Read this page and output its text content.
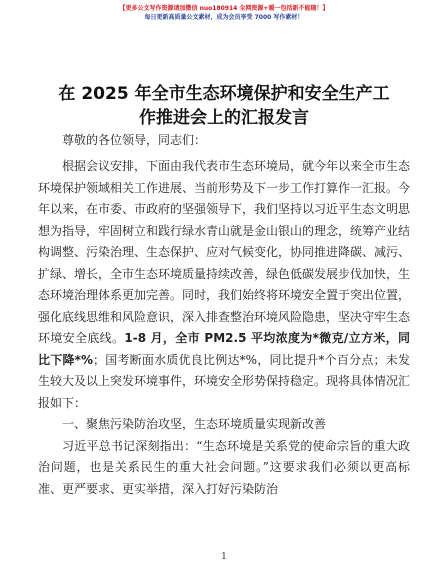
【更多公文写作资源请加微信 nuo180914 全网资源+暖一包括新不能随！】
每日更新高质量公文素材，成为会员享受 7000 写作素材！
在 2025 年全市生态环境保护和安全生产工作推进会上的汇报发言
尊敬的各位领导，同志们：

根据会议安排，下面由我代表市生态环境局，就今年以来全市生态环境保护领域相关工作进展、当前形势及下一步工作打算作一汇报。今年以来，在市委、市政府的坚强领导下，我们坚持以习近平生态文明思想为指导，牢固树立和践行绿水青山就是金山银山的理念，统筹产业结构调整、污染治理、生态保护、应对气候变化，协同推进降碳、减污、扩绿、增长，全市生态环境质量持续改善，绿色低碳发展步伐加快，生态环境治理体系更加完善。同时，我们始终将环境安全置于突出位置，强化底线思维和风险意识，深入排查整治环境风险隐患，坚决守牢生态环境安全底线。1-8 月，全市 PM2.5 平均浓度为*微克/立方米，同比下降*%；国考断面水质优良比例达*%，同比提升*个百分点；未发生较大及以上突发环境事件，环境安全形势保持稳定。现将具体情况汇报如下：

一、聚焦污染防治攻坚，生态环境质量实现新改善

习近平总书记深刻指出：“生态环境是关系党的使命宗旨的重大政治问题，也是关系民生的重大社会问题。”这要求我们必须以更高标准、更严要求、更实举措，深入打好污染防治

1
